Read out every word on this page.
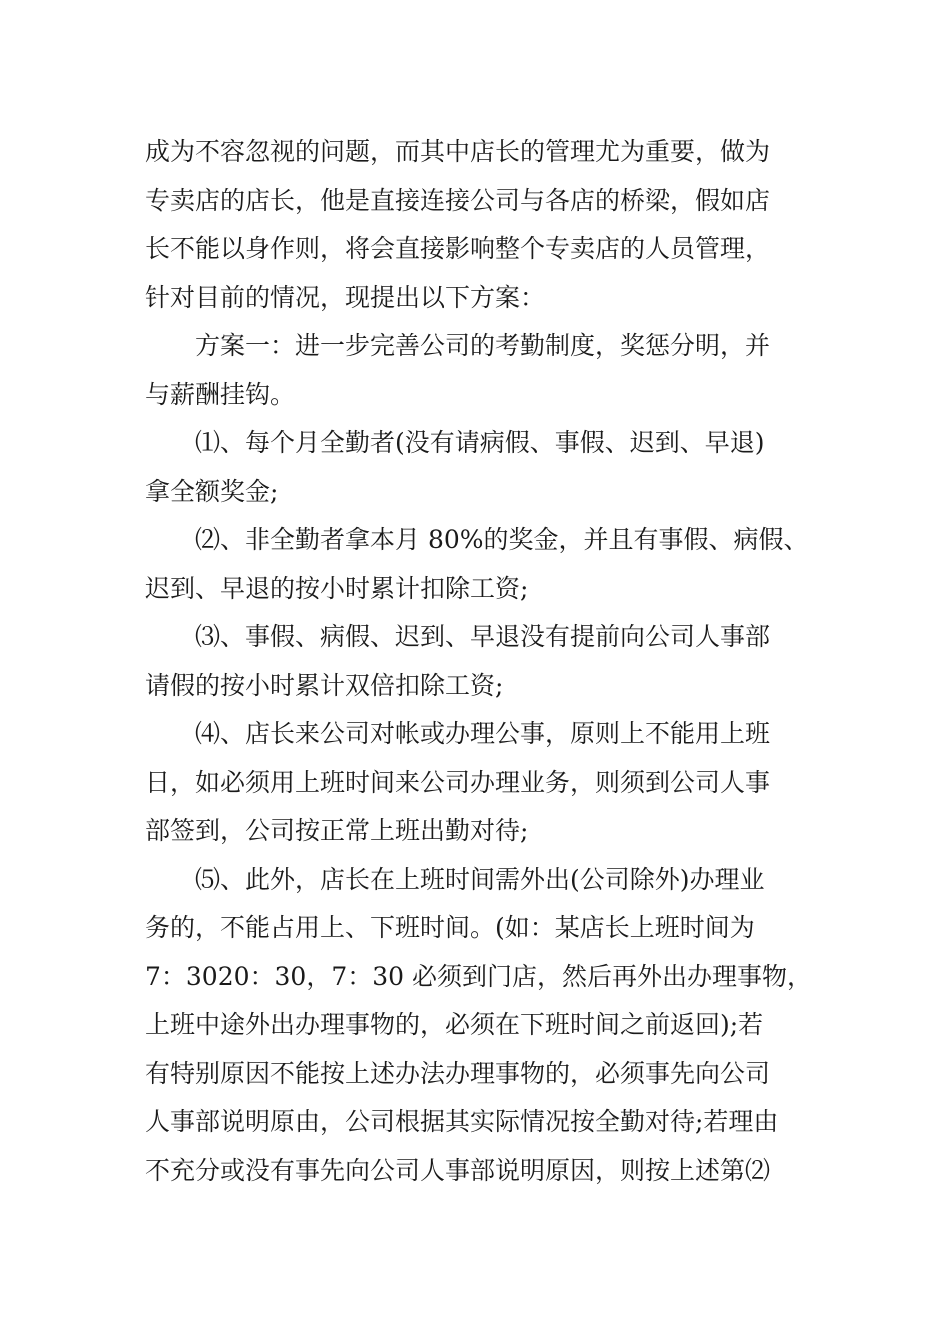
成为不容忽视的问题，而其中店长的管理尤为重要，做为
专卖店的店长，他是直接连接公司与各店的桥梁，假如店
长不能以身作则，将会直接影响整个专卖店的人员管理，
针对目前的情况，现提出以下方案：
方案一：进一步完善公司的考勤制度，奖惩分明，并
与薪酬挂钩。
⑴、每个月全勤者(没有请病假、事假、迟到、早退)
拿全额奖金;
⑵、非全勤者拿本月 80%的奖金，并且有事假、病假、
迟到、早退的按小时累计扣除工资;
⑶、事假、病假、迟到、早退没有提前向公司人事部
请假的按小时累计双倍扣除工资;
⑷、店长来公司对帐或办理公事，原则上不能用上班
日，如必须用上班时间来公司办理业务，则须到公司人事
部签到，公司按正常上班出勤对待;
⑸、此外，店长在上班时间需外出(公司除外)办理业
务的，不能占用上、下班时间。(如：某店长上班时间为
7：3020：30，7：30 必须到门店，然后再外出办理事物，
上班中途外出办理事物的，必须在下班时间之前返回);若
有特别原因不能按上述办法办理事物的，必须事先向公司
人事部说明原由，公司根据其实际情况按全勤对待;若理由
不充分或没有事先向公司人事部说明原因，则按上述第⑵
